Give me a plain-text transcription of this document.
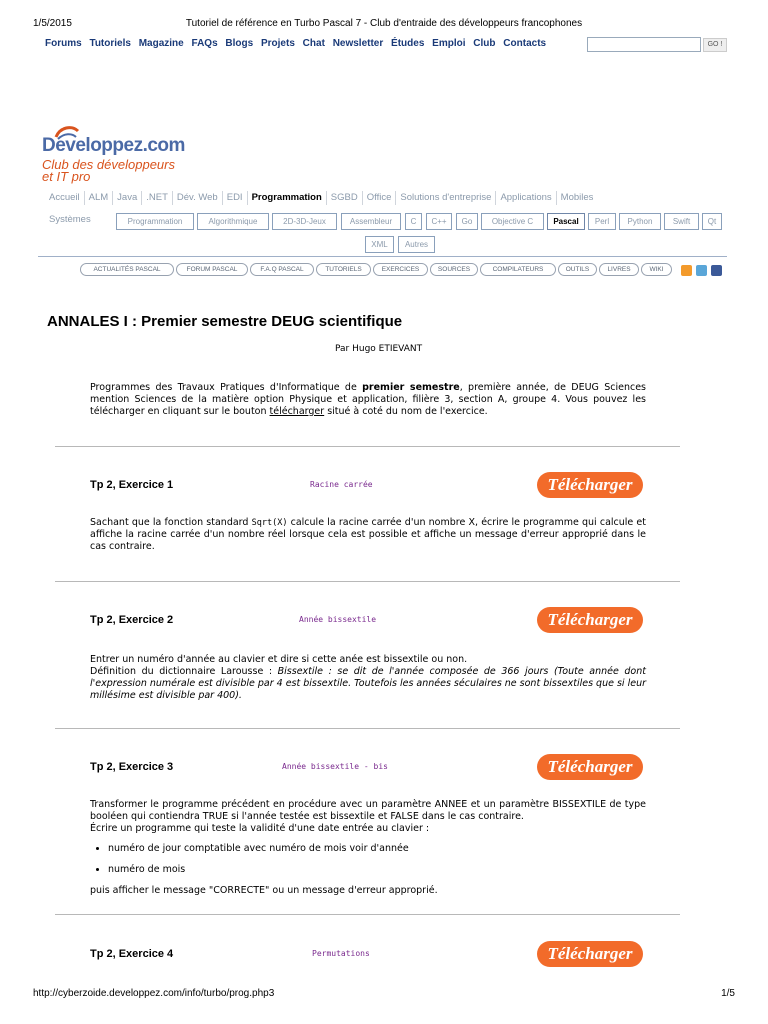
1/5/2015	Tutoriel de référence en Turbo Pascal 7 - Club d'entraide des développeurs francophones
Forums Tutoriels Magazine FAQs Blogs Projets Chat Newsletter Études Emploi Club Contacts	GO !
Developpez.com
Club des développeurs
et IT pro
Accueil ALM Java .NET Dév. Web EDI Programmation SGBD Office Solutions d'entreprise Applications Mobiles
Systèmes	Programmation	Algorithmique	2D-3D-Jeux	Assembleur	C	C++	Go	Objective C	Pascal	Perl	Python	Swift	Qt
XML	Autres
ACTUALITÉS PASCAL	FORUM PASCAL	F.A.Q PASCAL	TUTORIELS	EXERCICES	SOURCES	COMPILATEURS	OUTILS	LIVRES	WIKI
ANNALES I : Premier semestre DEUG scientifique
Par Hugo ETIEVANT
Programmes des Travaux Pratiques d'Informatique de premier semestre, première année, de DEUG Sciences mention Sciences de la matière option Physique et application, filière 3, section A, groupe 4. Vous pouvez les télécharger en cliquant sur le bouton télécharger situé à coté du nom de l'exercice.
Tp 2, Exercice 1	Racine carrée	Télécharger
Sachant que la fonction standard Sqrt(X) calcule la racine carrée d'un nombre X, écrire le programme qui calcule et affiche la racine carrée d'un nombre réel lorsque cela est possible et affiche un message d'erreur approprié dans le cas contraire.
Tp 2, Exercice 2	Année bissextile	Télécharger
Entrer un numéro d'année au clavier et dire si cette anée est bissextile ou non.
Définition du dictionnaire Larousse : Bissextile : se dit de l'année composée de 366 jours (Toute année dont l'expression numérale est divisible par 4 est bissextile. Toutefois les années séculaires ne sont bissextiles que si leur millésime est divisible par 400).
Tp 2, Exercice 3	Année bissextile - bis	Télécharger
Transformer le programme précédent en procédure avec un paramètre ANNEE et un paramètre BISSEXTILE de type booléen qui contiendra TRUE si l'année testée est bissextile et FALSE dans le cas contraire.
Écrire un programme qui teste la validité d'une date entrée au clavier :
• numéro de jour comptatible avec numéro de mois voir d'année
• numéro de mois
puis afficher le message "CORRECTE" ou un message d'erreur approprié.
Tp 2, Exercice 4	Permutations	Télécharger
http://cyberzoide.developpez.com/info/turbo/prog.php3	1/5
